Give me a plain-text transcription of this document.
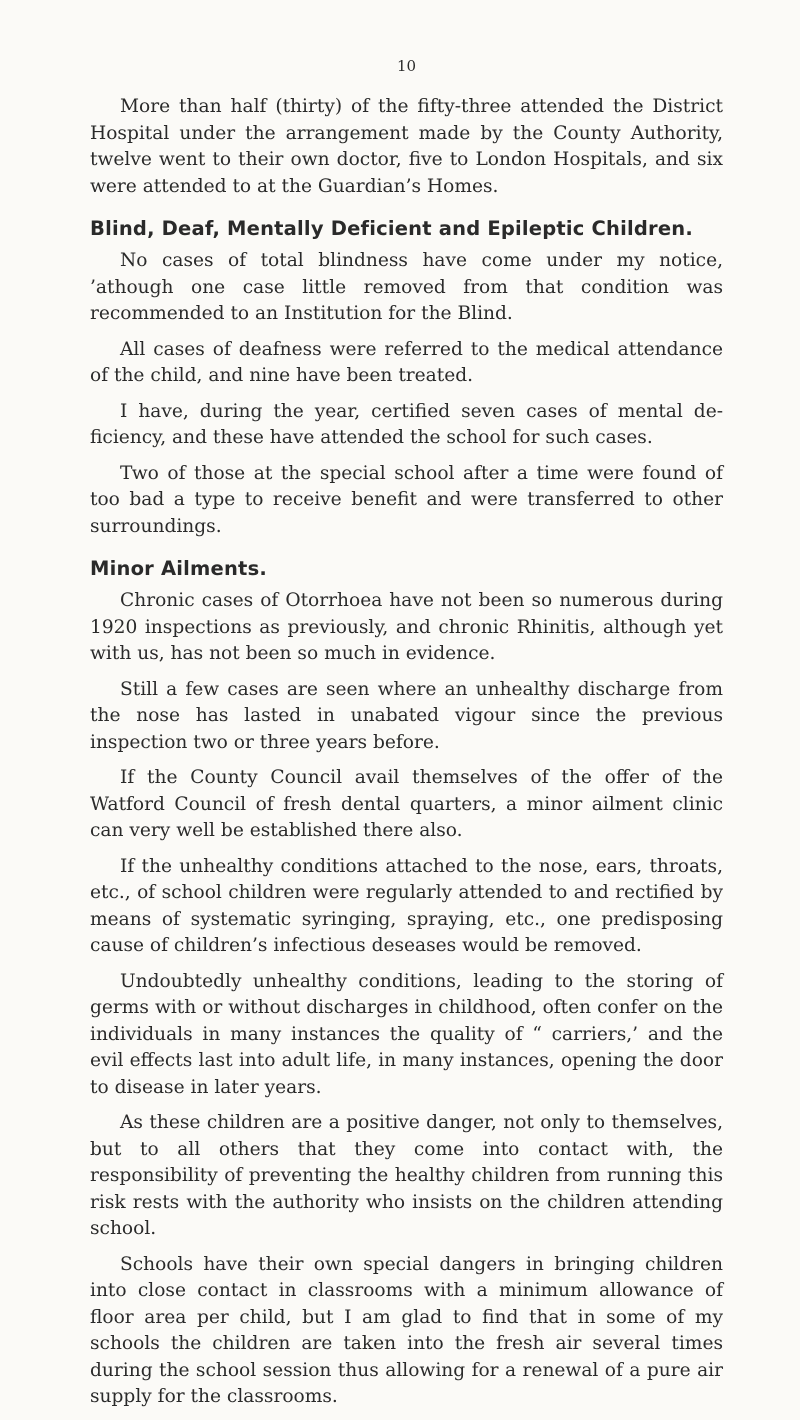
10

More than half (thirty) of the fifty-three attended the District Hospital under the arrangement made by the County Authority, twelve went to their own doctor, five to London Hospitals, and six were attended to at the Guardian’s Homes.

Blind, Deaf, Mentally Deficient and Epileptic Children.

No cases of total blindness have come under my notice, ’athough one case little removed from that condition was recommended to an Institution for the Blind.

All cases of deafness were referred to the medical attendance of the child, and nine have been treated.

I have, during the year, certified seven cases of mental de-ficiency, and these have attended the school for such cases.

Two of those at the special school after a time were found of too bad a type to receive benefit and were transferred to other surroundings.

Minor Ailments.

Chronic cases of Otorrhoea have not been so numerous during 1920 inspections as previously, and chronic Rhinitis, although yet with us, has not been so much in evidence.

Still a few cases are seen where an unhealthy discharge from the nose has lasted in unabated vigour since the previous inspection two or three years before.

If the County Council avail themselves of the offer of the Watford Council of fresh dental quarters, a minor ailment clinic can very well be established there also.

If the unhealthy conditions attached to the nose, ears, throats, etc., of school children were regularly attended to and rectified by means of systematic syringing, spraying, etc., one predisposing cause of children’s infectious deseases would be removed.

Undoubtedly unhealthy conditions, leading to the storing of germs with or without discharges in childhood, often confer on the individuals in many instances the quality of “ carriers,’ and the evil effects last into adult life, in many instances, opening the door to disease in later years.

As these children are a positive danger, not only to themselves, but to all others that they come into contact with, the responsibility of preventing the healthy children from running this risk rests with the authority who insists on the children attending school.

Schools have their own special dangers in bringing children into close contact in classrooms with a minimum allowance of floor area per child, but I am glad to find that in some of my schools the children are taken into the fresh air several times during the school session thus allowing for a renewal of a pure air supply for the classrooms.
